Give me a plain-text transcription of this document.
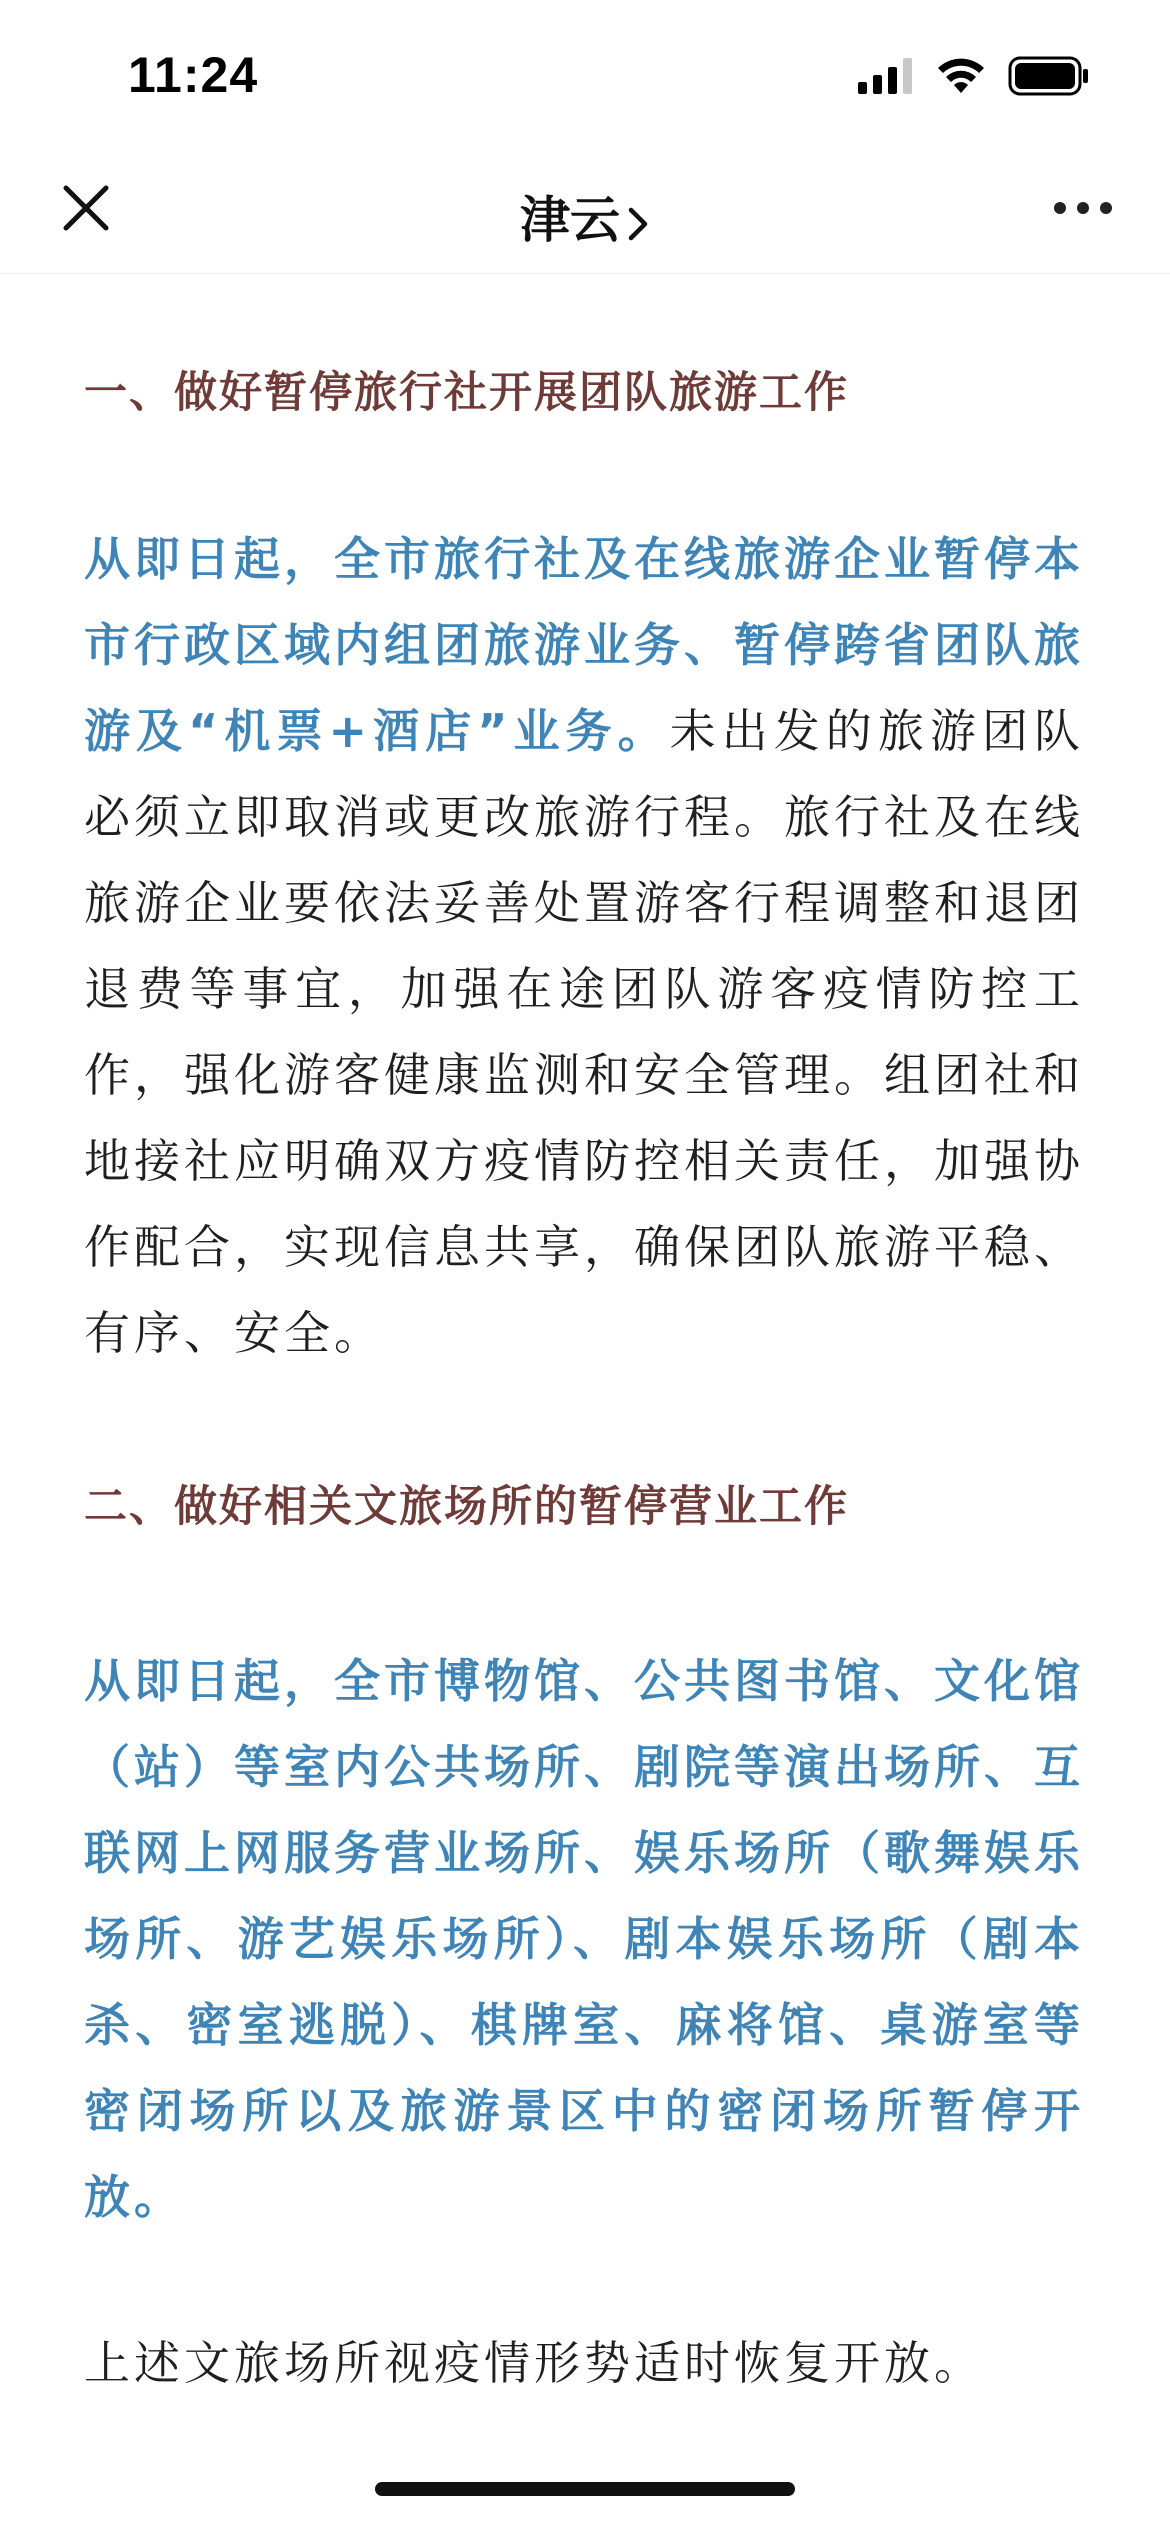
11:24
津云
一、做好暂停旅行社开展团队旅游工作

从即日起，全市旅行社及在线旅游企业暂停本市行政区域内组团旅游业务、暂停跨省团队旅游及“机票+酒店”业务。未出发的旅游团队必须立即取消或更改旅游行程。旅行社及在线旅游企业要依法妥善处置游客行程调整和退团退费等事宜，加强在途团队游客疫情防控工作，强化游客健康监测和安全管理。组团社和地接社应明确双方疫情防控相关责任，加强协作配合，实现信息共享，确保团队旅游平稳、有序、安全。

二、做好相关文旅场所的暂停营业工作

从即日起，全市博物馆、公共图书馆、文化馆（站）等室内公共场所、剧院等演出场所、互联网上网服务营业场所、娱乐场所（歌舞娱乐场所、游艺娱乐场所）、剧本娱乐场所（剧本杀、密室逃脱）、棋牌室、麻将馆、桌游室等密闭场所以及旅游景区中的密闭场所暂停开放。

上述文旅场所视疫情形势适时恢复开放。
